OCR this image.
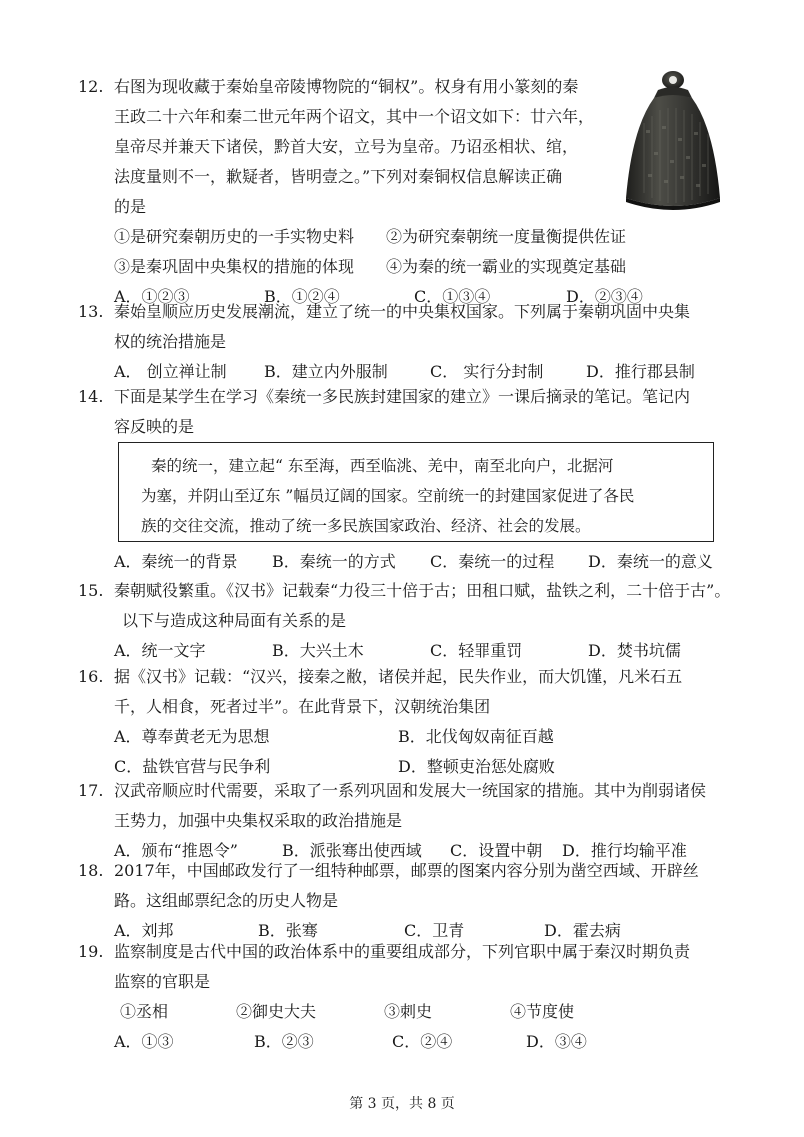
12. 右图为现收藏于秦始皇帝陵博物院的“铜权”。权身有用小篆刻的秦
王政二十六年和秦二世元年两个诏文，其中一个诏文如下：廿六年，
皇帝尽并兼天下诸侯，黔首大安，立号为皇帝。乃诏丞相状、绾，
法度量则不一，歉疑者，皆明壹之。”下列对秦铜权信息解读正确
的是
①是研究秦朝历史的一手实物史料 ②为研究秦朝统一度量衡提供佐证
③是秦巩固中央集权的措施的体现 ④为秦的统一霸业的实现奠定基础
A．①②③	B．①②④	C．①③④	D．②③④
13. 秦始皇顺应历史发展潮流，建立了统一的中央集权国家。下列属于秦朝巩固中央集
权的统治措施是
A． 创立禅让制 B．建立内外服制	C． 实行分封制	D．推行郡县制
14. 下面是某学生在学习《秦统一多民族封建国家的建立》一课后摘录的笔记。笔记内
容反映的是
秦的统一，建立起“ 东至海，西至临洮、羌中，南至北向户，北据河
为塞，并阴山至辽东 ”幅员辽阔的国家。空前统一的封建国家促进了各民
族的交往交流，推动了统一多民族国家政治、经济、社会的发展。
A．秦统一的背景 B．秦统一的方式 C．秦统一的过程 D．秦统一的意义
15. 秦朝赋役繁重。《汉书》记载秦“力役三十倍于古；田租口赋，盐铁之利，二十倍于古”。
以下与造成这种局面有关系的是
A．统一文字	B．大兴土木	C．轻罪重罚	D．焚书坑儒
16. 据《汉书》记载：“汉兴，接秦之敝，诸侯并起，民失作业，而大饥馑，凡米石五
千，人相食，死者过半”。在此背景下，汉朝统治集团
A．尊奉黄老无为思想	B．北伐匈奴南征百越
C．盐铁官营与民争利	D．整顿吏治惩处腐败
17. 汉武帝顺应时代需要，采取了一系列巩固和发展大一统国家的措施。其中为削弱诸侯
王势力，加强中央集权采取的政治措施是
A．颁布“推恩令”	B．派张骞出使西域 C．设置中朝 D．推行均输平准
18. 2017年，中国邮政发行了一组特种邮票，邮票的图案内容分别为凿空西域、开辟丝
路。这组邮票纪念的历史人物是
A．刘邦	B．张骞	C．卫青	D．霍去病
19. 监察制度是古代中国的政治体系中的重要组成部分，下列官职中属于秦汉时期负责
监察的官职是
①丞相	②御史大夫	③刺史	④节度使
A．①③	B．②③	C．②④	D．③④
第 3 页，共 8 页
